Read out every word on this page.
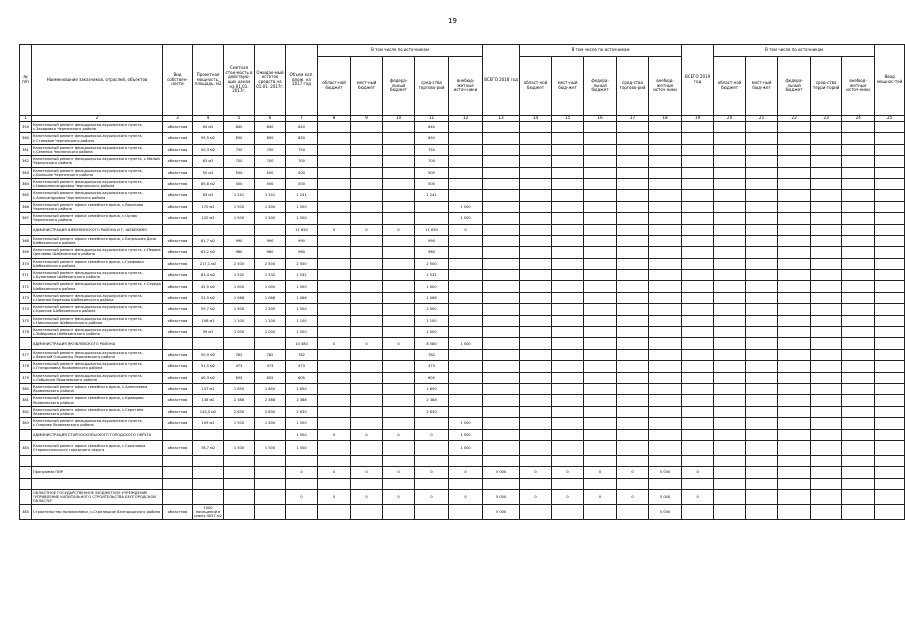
19
№ п/п	Наименование заказчиков, отраслей, объектов	Вид собствен-ности	Проектная мощность, площадь, м2	Сметная стои-мость в действую-щих ценах на 01.01. 2017г.	Ожидае-мый остаток средств на 01.01. 2017г.	Объем кап. влож. на 2017 год	В том числе по источникам					ВСЕГО 2018 год	В том числе по источникам					ВСЕГО 2019 год	В том числе по источникам					Ввод мощнос-тей
							област-ной бюджет	мест-ный бюджет	федера-льный бюджет	сред-ства торгово-рий	внебюд-жетные источ-ники		област-ной бюджет	мест-ный бюд-жет	федера-льный бюджет	сред-ства торгово-рий	внебюд-жетные источ-ники		област-ной бюджет	мест-ный бюд-жет	федера-льный бюджет	сред-ства терри-торий	внебюд-жетные источ-ники	
1	2	3	4	5	6	7	8	9	10	11	12	13	14	15	16	17	18	19	20	21	22	23	24	25
355	Капитальный ремонт фельдшерско-акушерского пункта, с.Захаровка Чернянского района	областная	64 м2	840	840	840				840														
360	Капитальный ремонт фельдшерско-акушерского пункта, с.Становое Чернянского района	областная	95,5 м2	850	850	850				850														
361	Капитальный ремонт фельдшерско-акушерского пункта, с.Семенка Чернянского района	областная	50,3 м2	750	750	750				750														
362	Капитальный ремонт фельдшерско-акушерского пункта, с.Малый Чернянского района	областная	63 м2	700	700	700				700														
363	Капитальный ремонт фельдшерско-акушерского пункта, с.Большое Чернянского района	областная	50 м2	500	500	500				500														
364	Капитальный ремонт фельдшерско-акушерского пункта, с.Новоалександровка Чернянского района	областная	85,8 м2	500	500	500				500														
365	Капитальный ремонт фельдшерско-акушерского пункта, с.Александровка Чернянского района	областная	83 м2	1 241	1 241	1 241				1 241														
366	Капитальный ремонт офиса семейного врача, с.Волоково Чернянского района	областная	170 м2	1 500	1 500	1 500					1 500													
367	Капитальный ремонт офиса семейного врача, с.Орлик Чернянского района	областная	120 м2	1 500	1 500	1 500					1 500													
	АДМИНИСТРАЦИЯ ШЕБЕКИНСКОГО РАЙОНА И Г. ШЕБЕКИНО					11 650	0	0	0	11 650	0													
368	Капитальный ремонт офиса семейного врача, с.Батрацкая Дача Шебекинского района	областная	61,7 м2	990	990	990				990														
369	Капитальный ремонт фельдшерско-акушерского пункта, с.Первое Цепляево Шебекинского района	областная	63,2 м2	960	960	960				960														
370	Капитальный ремонт офиса семейного врача, с.Графовка Шебекинского района	областная	217,1 м2	2 500	2 500	2 500				2 500														
371	Капитальный ремонт фельдшерско-акушерского пункта, с.Булановка Шебекинского района	областная	83,4 м2	1 532	1 532	1 532				1 532														
372	Капитальный ремонт фельдшерско-акушерского пункта, с.Середа Шебекинского района	областная	42,5 м2	1 000	1 000	1 000				1 000														
373	Капитальный ремонт фельдшерско-акушерского пункта, с.Нижнее Березово Шебекинского района	областная	52,5 м2	1 068	1 068	1 068				1 068														
374	Капитальный ремонт фельдшерско-акушерского пункта, с.Красное Шебекинского района	областная	59,7 м2	1 500	1 500	1 500				1 500														
375	Капитальный ремонт фельдшерско-акушерского пункта, с.Никольское Шебекинского района	областная	106 м2	1 100	1 100	1 100				1 100														
376	Капитальный ремонт фельдшерско-акушерского пункта, с.Зиборовка Шебекинского района	областная	39 м2	1 000	1 000	1 000				1 000														
	АДМИНИСТРАЦИЯ ЯКОВЛЕВСКОГО РАЙОНА					10 080	0	0	0	8 580	1 500													
377	Капитальный ремонт фельдшерско-акушерского пункта, с.Верхний Ольшанец Яковлевского района	областная	50,9 м2	782	782	782				782														
378	Капитальный ремонт фельдшерско-акушерского пункта, с.Гнездиловка Яковлевского района	областная	31,5 м2	473	473	473				473														
379	Капитальный ремонт фельдшерско-акушерского пункта, с.Сабынино Яковлевского района	областная	40,3 м2	605	605	605				605														
380	Капитальный ремонт офиса семейного врача, с.Алексеевка Яковлевского района	областная	137 м2	1 650	1 650	1 650				1 650														
381	Капитальный ремонт офиса семейного врача, с.Кривцово Яковлевского района	областная	138 м2	2 388	2 388	2 388				2 388														
382	Капитальный ремонт офиса семейного врача, с.Серетино Яковлевского района	областная	143,5 м2	2 630	2 630	2 630				2 630														
383	Капитальный ремонт фельдшерско-акушерского пункта, с.Озерово Яковлевского района	областная	109 м2	1 500	1 500	1 500					1 500													
	АДМИНИСТРАЦИЯ СТАРООСКОЛЬСКОГО ГОРОДСКОГО ОКРУГА					1 500	0	0	0	0	1 500													
384	Капитальный ремонт офиса семейного врача, с.Соколовка Старооскольского городского округа	областная	78,7 м2	1 500	1 500	1 500					1 500													

	Программа ПИР					0	0	0	0	0	0	5 000	0	0	0	0	5 000	0						

	ОБЛАСТНОЕ ГОСУДАРСТВЕННОЕ БЮДЖЕТНОЕ УЧРЕЖДЕНИЕ "УПРАВЛЕНИЕ КАПИТАЛЬНОГО СТРОИТЕЛЬСТВА БЕЛГОРОДСКОЙ ОБЛАСТИ"					0	0	0	0	0	0	5 000	0	0	0	0	5 000	0						
385	Строительство поликлиники, с.Стрелецкое Белгородского района	областная	1500 посещений в смену 4037 м2									5 000					5 000							
